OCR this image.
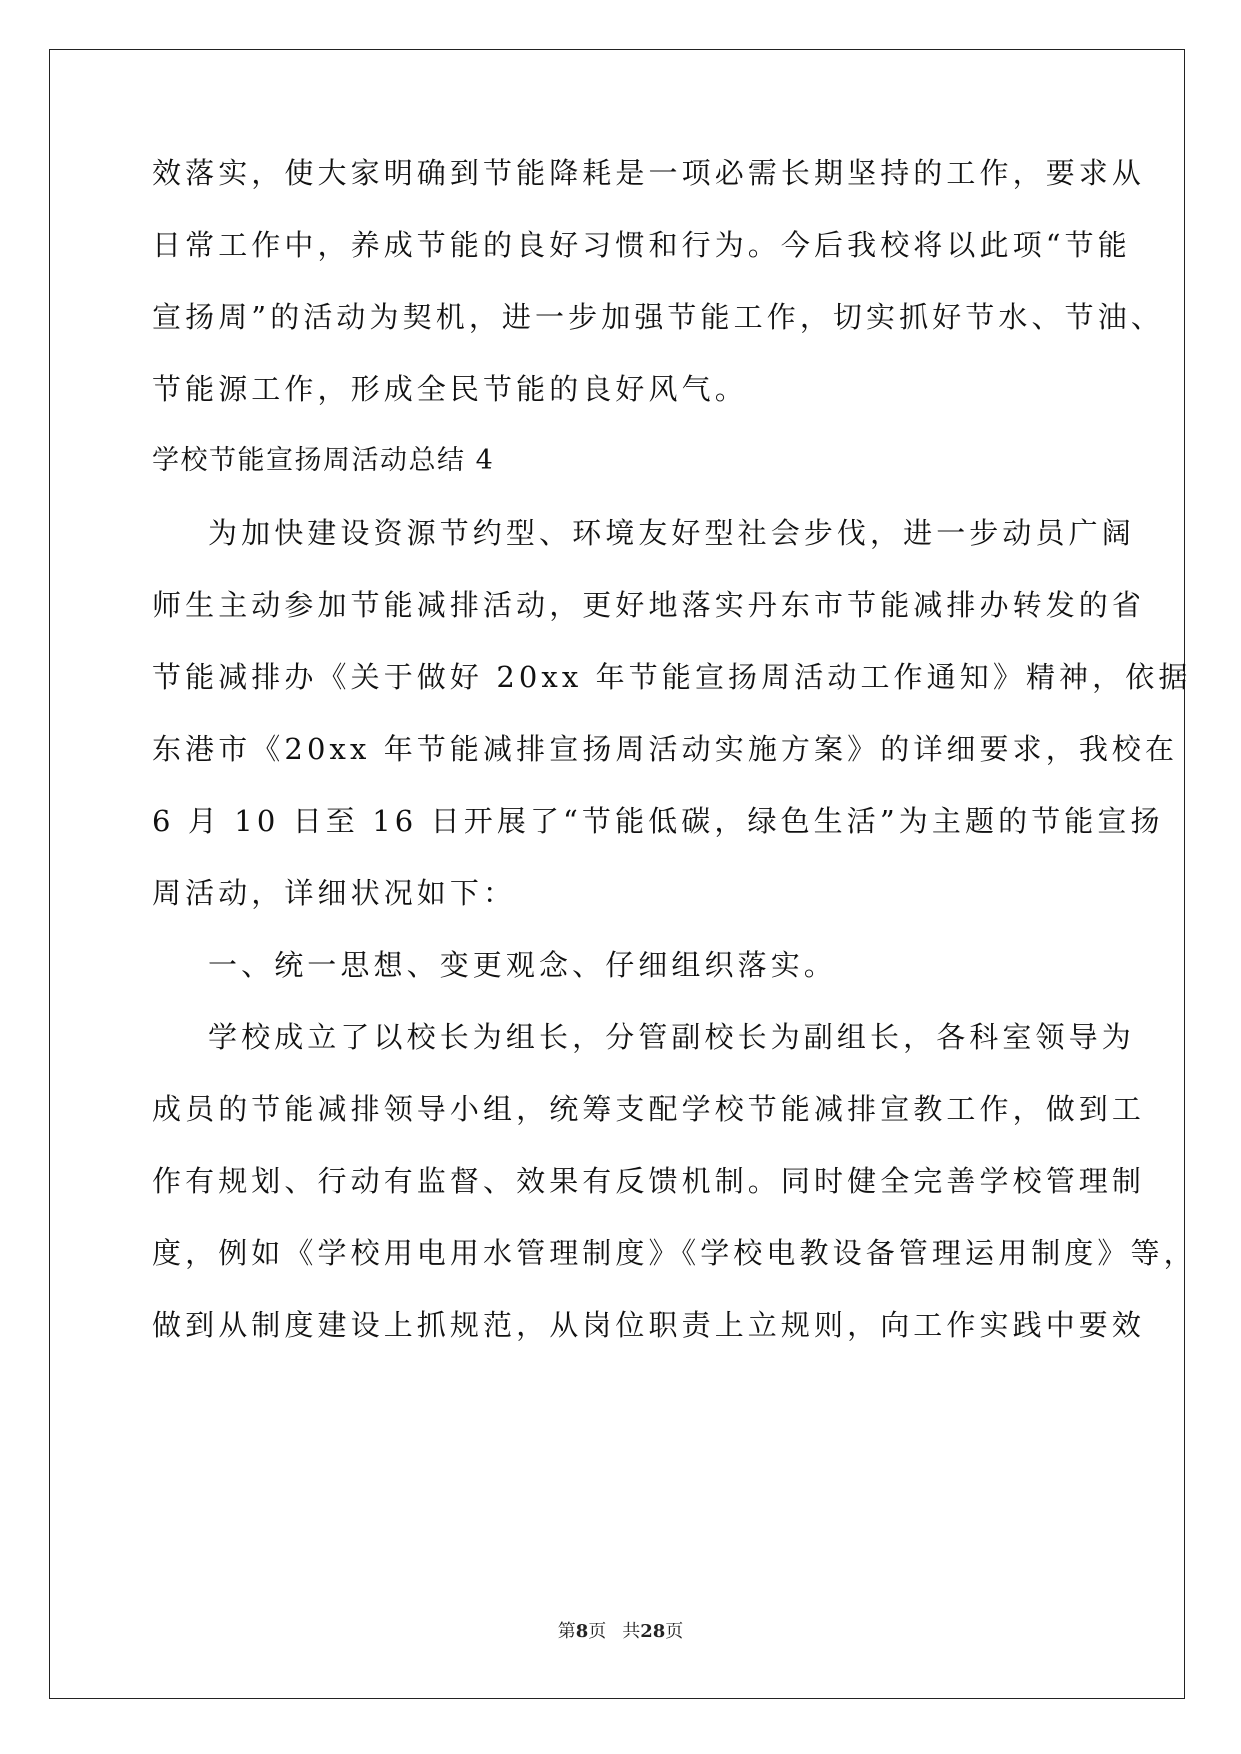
效落实，使大家明确到节能降耗是一项必需长期坚持的工作，要求从
日常工作中，养成节能的良好习惯和行为。今后我校将以此项“节能
宣扬周”的活动为契机，进一步加强节能工作，切实抓好节水、节油、
节能源工作，形成全民节能的良好风气。
学校节能宣扬周活动总结 4
为加快建设资源节约型、环境友好型社会步伐，进一步动员广阔
师生主动参加节能减排活动，更好地落实丹东市节能减排办转发的省
节能减排办《关于做好 20xx 年节能宣扬周活动工作通知》精神，依据
东港市《20xx 年节能减排宣扬周活动实施方案》的详细要求，我校在
6 月 10 日至 16 日开展了“节能低碳，绿色生活”为主题的节能宣扬
周活动，详细状况如下：
一、统一思想、变更观念、仔细组织落实。
学校成立了以校长为组长，分管副校长为副组长，各科室领导为
成员的节能减排领导小组，统筹支配学校节能减排宣教工作，做到工
作有规划、行动有监督、效果有反馈机制。同时健全完善学校管理制
度，例如《学校用电用水管理制度》《学校电教设备管理运用制度》等，
做到从制度建设上抓规范，从岗位职责上立规则，向工作实践中要效
第8页 共28页
